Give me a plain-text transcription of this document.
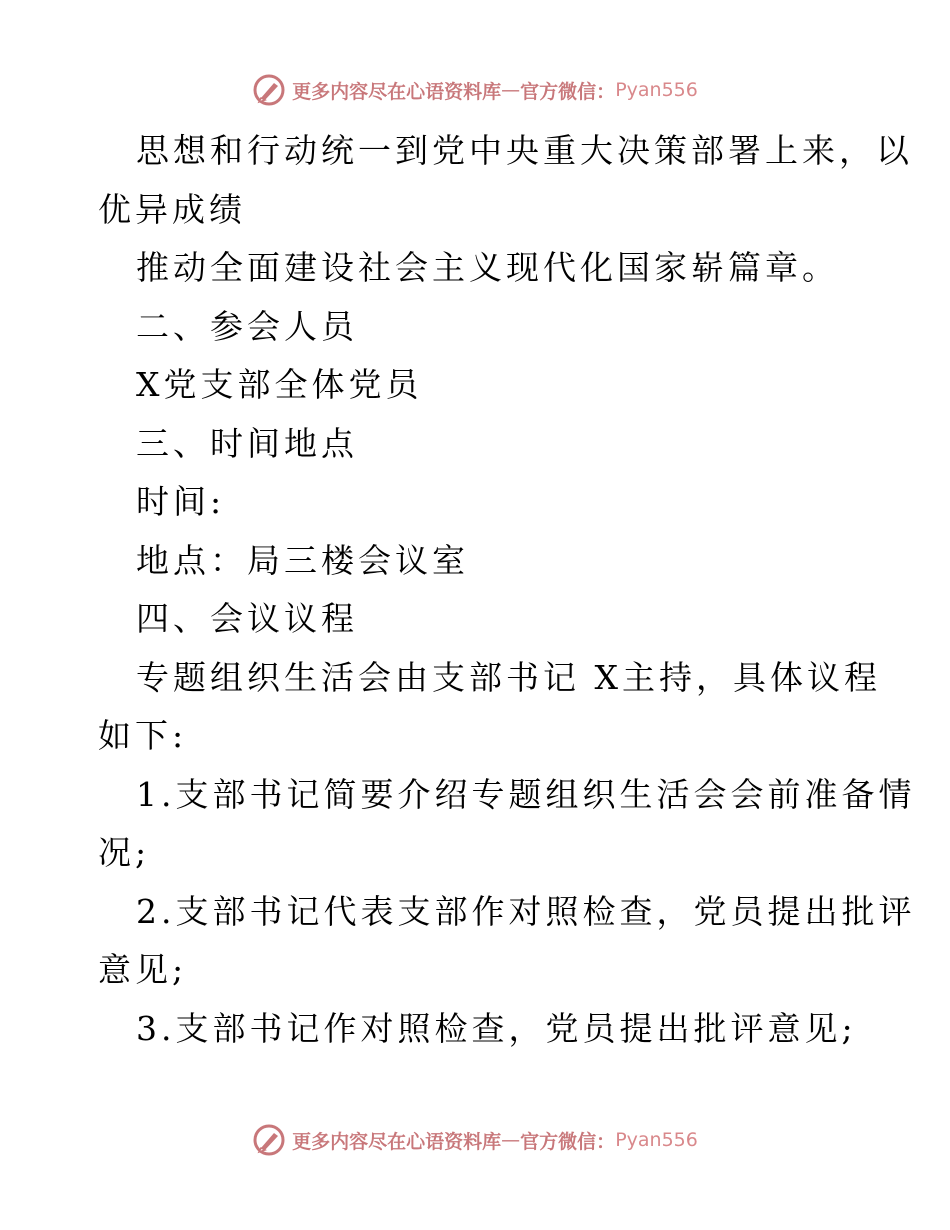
更多内容尽在心语资料库 — 官方微信： Pyan556
思想和行动统一到党中央重大决策部署上来，以
优异成绩
推动全面建设社会主义现代化国家崭篇章。
二、参会人员
X党支部全体党员
三、时间地点
时间:
地点：局三楼会议室
四、会议议程
专题组织生活会由支部书记 X主持，具体议程
如下:
1.支部书记简要介绍专题组织生活会会前准备情
况;
2.支部书记代表支部作对照检查，党员提出批评
意见;
3.支部书记作对照检查，党员提出批评意见;
更多内容尽在心语资料库 — 官方微信： Pyan556
